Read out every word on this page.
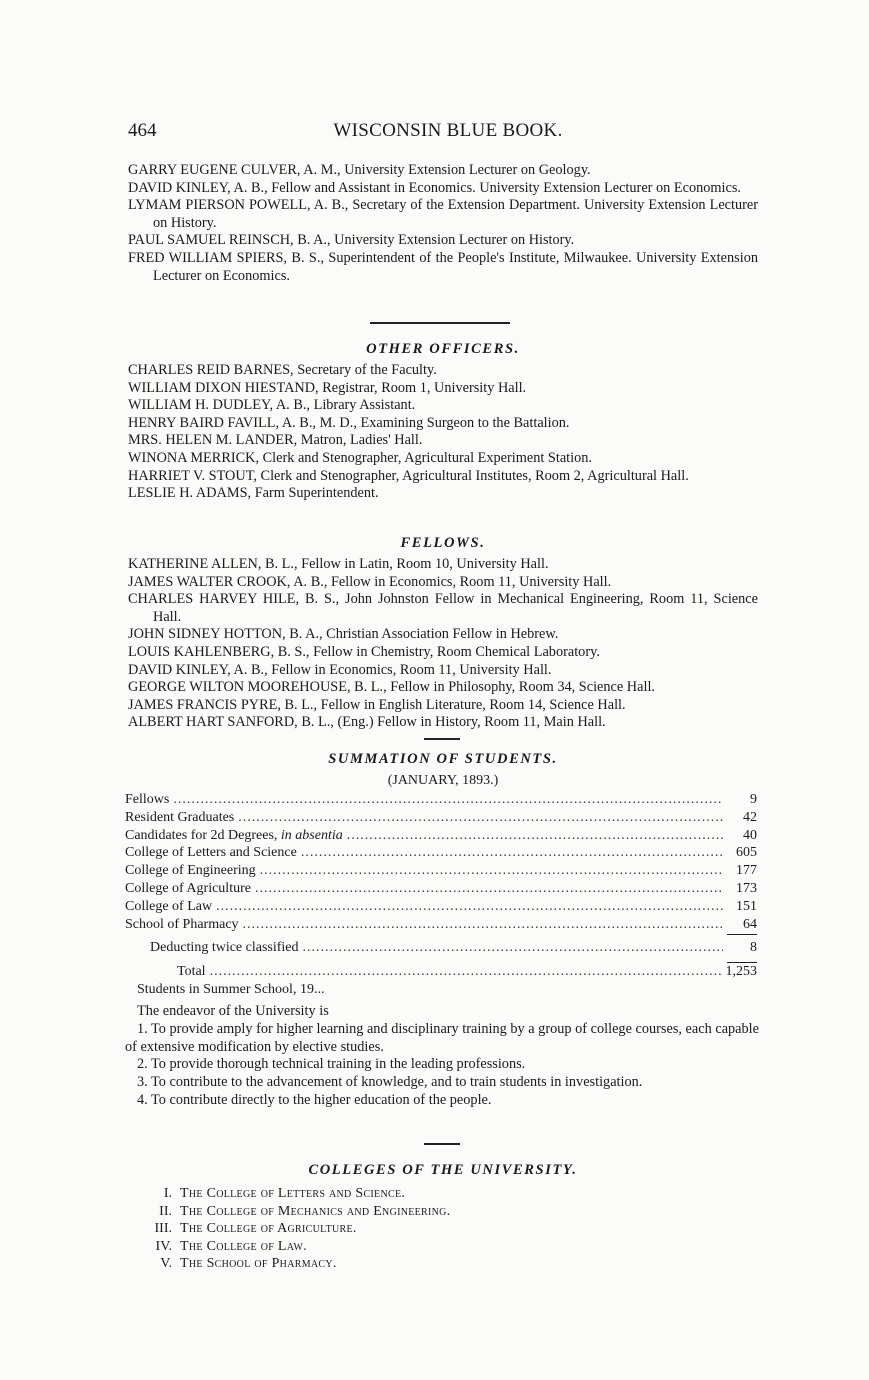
464	WISCONSIN BLUE BOOK.
GARRY EUGENE CULVER, A. M., University Extension Lecturer on Geology.
DAVID KINLEY, A. B., Fellow and Assistant in Economics. University Extension Lecturer on Economics.
LYMAM PIERSON POWELL, A. B., Secretary of the Extension Department. University Extension Lecturer on History.
PAUL SAMUEL REINSCH, B. A., University Extension Lecturer on History.
FRED WILLIAM SPIERS, B. S., Superintendent of the People's Institute, Milwaukee. University Extension Lecturer on Economics.
OTHER OFFICERS.
CHARLES REID BARNES, Secretary of the Faculty.
WILLIAM DIXON HIESTAND, Registrar, Room 1, University Hall.
WILLIAM H. DUDLEY, A. B., Library Assistant.
HENRY BAIRD FAVILL, A. B., M. D., Examining Surgeon to the Battalion.
MRS. HELEN M. LANDER, Matron, Ladies' Hall.
WINONA MERRICK, Clerk and Stenographer, Agricultural Experiment Station.
HARRIET V. STOUT, Clerk and Stenographer, Agricultural Institutes, Room 2, Agricultural Hall.
LESLIE H. ADAMS, Farm Superintendent.
FELLOWS.
KATHERINE ALLEN, B. L., Fellow in Latin, Room 10, University Hall.
JAMES WALTER CROOK, A. B., Fellow in Economics, Room 11, University Hall.
CHARLES HARVEY HILE, B. S., John Johnston Fellow in Mechanical Engineering, Room 11, Science Hall.
JOHN SIDNEY HOTTON, B. A., Christian Association Fellow in Hebrew.
LOUIS KAHLENBERG, B. S., Fellow in Chemistry, Room Chemical Laboratory.
DAVID KINLEY, A. B., Fellow in Economics, Room 11, University Hall.
GEORGE WILTON MOOREHOUSE, B. L., Fellow in Philosophy, Room 34, Science Hall.
JAMES FRANCIS PYRE, B. L., Fellow in English Literature, Room 14, Science Hall.
ALBERT HART SANFORD, B. L., (Eng.) Fellow in History, Room 11, Main Hall.
SUMMATION OF STUDENTS.
(JANUARY, 1893.)
Fellows .....	9
Resident Graduates .....	42
Candidates for 2d Degrees, in absentia .....	40
College of Letters and Science .....	605
College of Engineering .....	177
College of Agriculture .....	173
College of Law .....	151
School of Pharmacy .....	64
Deducting twice classified .....	8
Total .....	1,253
Students in Summer School, 19...
The endeavor of the University is
1. To provide amply for higher learning and disciplinary training by a group of college courses, each capable of extensive modification by elective studies.
2. To provide thorough technical training in the leading professions.
3. To contribute to the advancement of knowledge, and to train students in investigation.
4. To contribute directly to the higher education of the people.
COLLEGES OF THE UNIVERSITY.
I. The College of Letters and Science.
II. The College of Mechanics and Engineering.
III. The College of Agriculture.
IV. The College of Law.
V. The School of Pharmacy.
